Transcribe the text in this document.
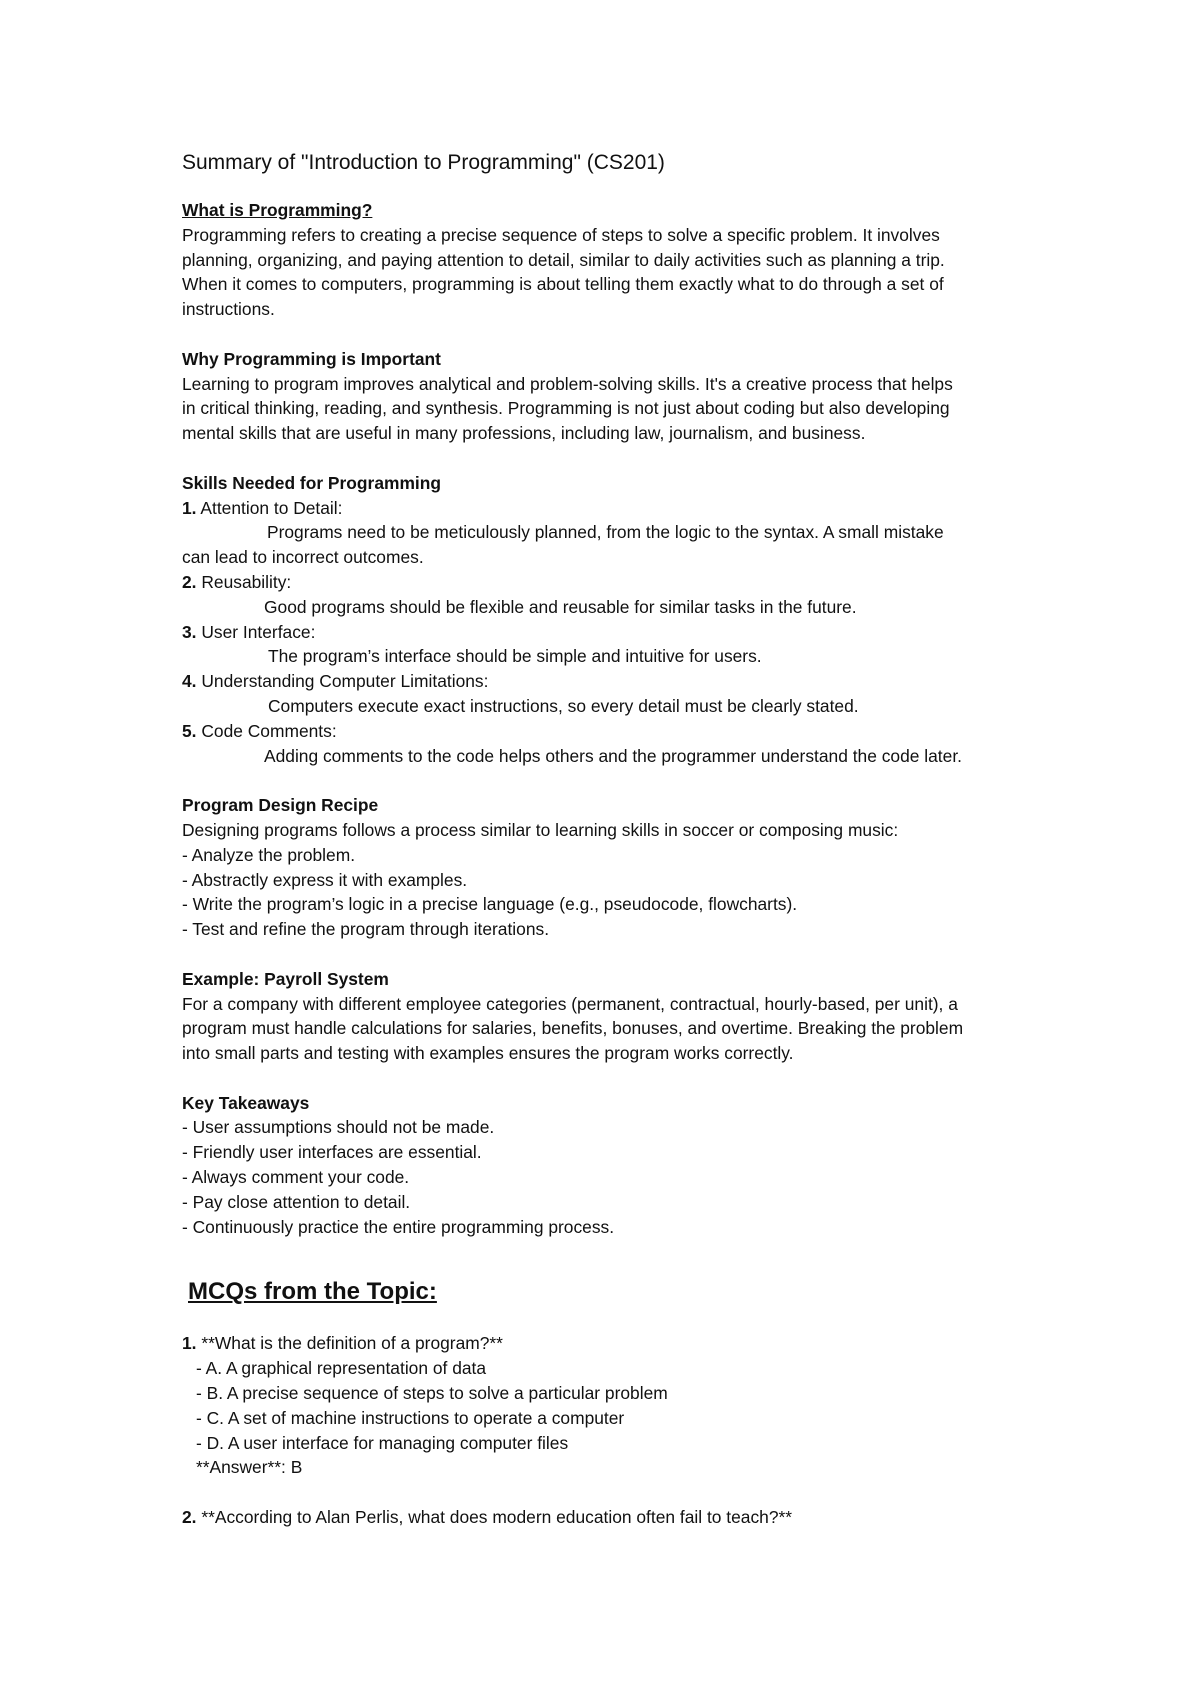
Summary of "Introduction to Programming" (CS201)
What is Programming?
Programming refers to creating a precise sequence of steps to solve a specific problem. It involves
planning, organizing, and paying attention to detail, similar to daily activities such as planning a trip.
When it comes to computers, programming is about telling them exactly what to do through a set of
instructions.
Why Programming is Important
Learning to program improves analytical and problem-solving skills. It's a creative process that helps
in critical thinking, reading, and synthesis. Programming is not just about coding but also developing
mental skills that are useful in many professions, including law, journalism, and business.
Skills Needed for Programming
1. Attention to Detail:
Programs need to be meticulously planned, from the logic to the syntax. A small mistake
can lead to incorrect outcomes.
2. Reusability:
Good programs should be flexible and reusable for similar tasks in the future.
3. User Interface:
The program’s interface should be simple and intuitive for users.
4. Understanding Computer Limitations:
Computers execute exact instructions, so every detail must be clearly stated.
5. Code Comments:
Adding comments to the code helps others and the programmer understand the code later.
Program Design Recipe
Designing programs follows a process similar to learning skills in soccer or composing music:
- Analyze the problem.
- Abstractly express it with examples.
- Write the program’s logic in a precise language (e.g., pseudocode, flowcharts).
- Test and refine the program through iterations.
Example: Payroll System
For a company with different employee categories (permanent, contractual, hourly-based, per unit), a
program must handle calculations for salaries, benefits, bonuses, and overtime. Breaking the problem
into small parts and testing with examples ensures the program works correctly.
Key Takeaways
- User assumptions should not be made.
- Friendly user interfaces are essential.
- Always comment your code.
- Pay close attention to detail.
- Continuously practice the entire programming process.
MCQs from the Topic:
1. **What is the definition of a program?**
- A. A graphical representation of data
- B. A precise sequence of steps to solve a particular problem
- C. A set of machine instructions to operate a computer
- D. A user interface for managing computer files
**Answer**: B
2. **According to Alan Perlis, what does modern education often fail to teach?**
